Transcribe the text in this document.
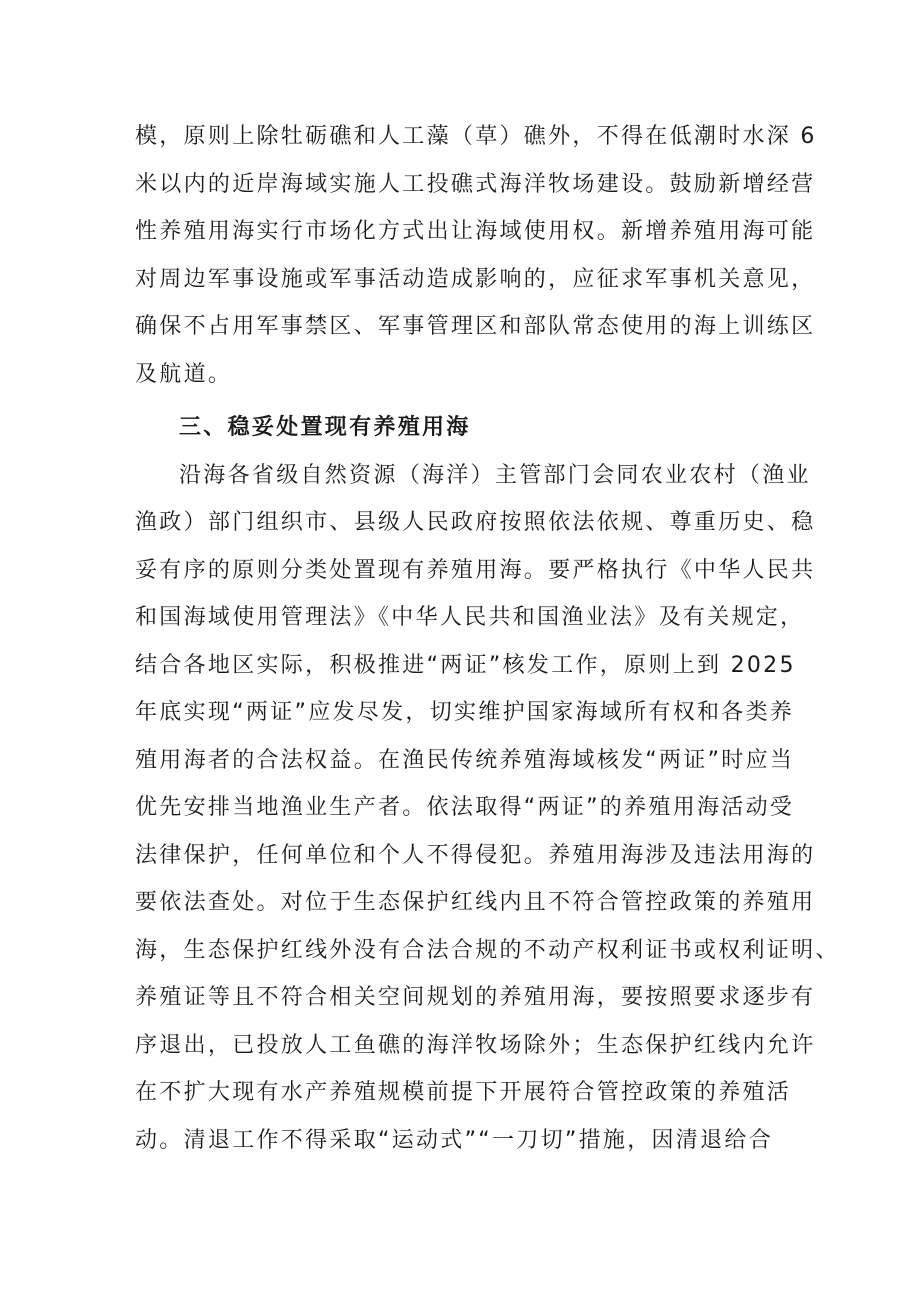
模，原则上除牡砺礁和人工藻（草）礁外，不得在低潮时水深 6
米以内的近岸海域实施人工投礁式海洋牧场建设。鼓励新增经营
性养殖用海实行市场化方式出让海域使用权。新增养殖用海可能
对周边军事设施或军事活动造成影响的，应征求军事机关意见，
确保不占用军事禁区、军事管理区和部队常态使用的海上训练区
及航道。
三、稳妥处置现有养殖用海
沿海各省级自然资源（海洋）主管部门会同农业农村（渔业
渔政）部门组织市、县级人民政府按照依法依规、尊重历史、稳
妥有序的原则分类处置现有养殖用海。要严格执行《中华人民共
和国海域使用管理法》《中华人民共和国渔业法》及有关规定，
结合各地区实际，积极推进“两证”核发工作，原则上到 2025
年底实现“两证”应发尽发，切实维护国家海域所有权和各类养
殖用海者的合法权益。在渔民传统养殖海域核发“两证”时应当
优先安排当地渔业生产者。依法取得“两证”的养殖用海活动受
法律保护，任何单位和个人不得侵犯。养殖用海涉及违法用海的
要依法查处。对位于生态保护红线内且不符合管控政策的养殖用
海，生态保护红线外没有合法合规的不动产权利证书或权利证明、
养殖证等且不符合相关空间规划的养殖用海，要按照要求逐步有
序退出，已投放人工鱼礁的海洋牧场除外；生态保护红线内允许
在不扩大现有水产养殖规模前提下开展符合管控政策的养殖活
动。清退工作不得采取“运动式”“一刀切”措施，因清退给合
